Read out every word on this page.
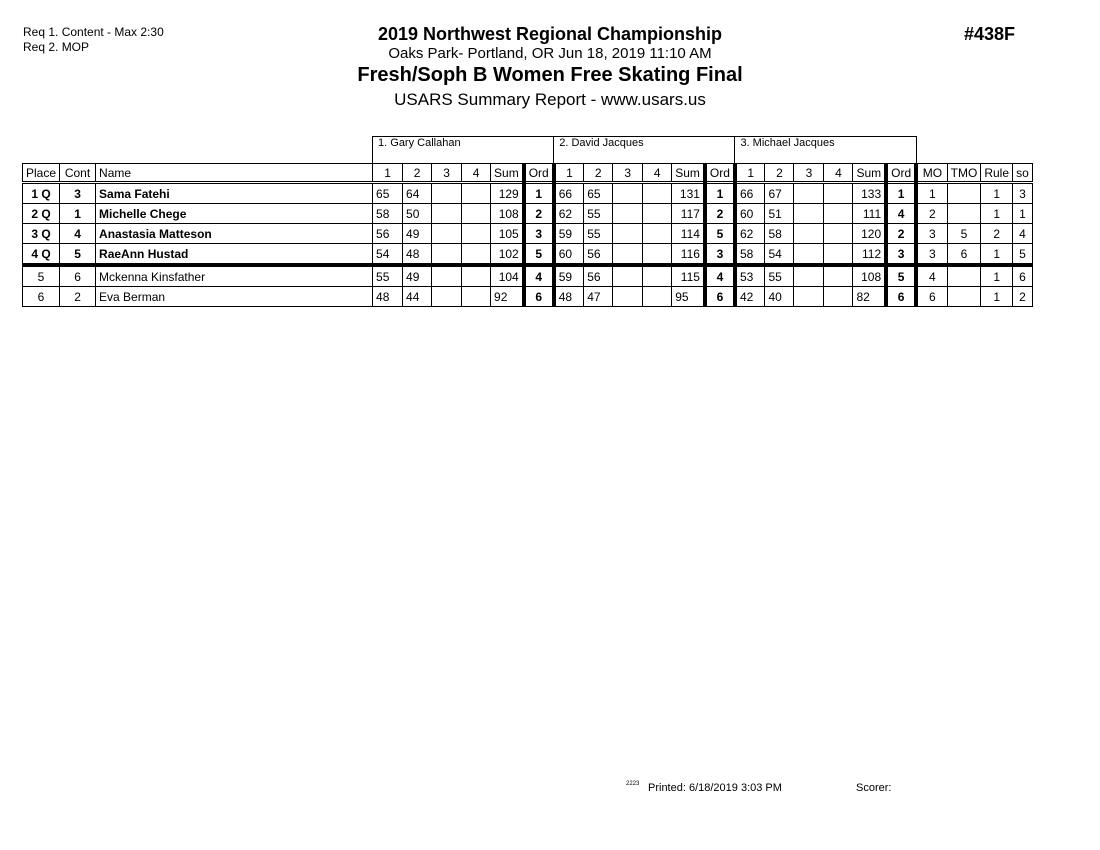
Req 1. Content - Max 2:30
Req 2. MOP
2019 Northwest Regional Championship
Oaks Park- Portland, OR Jun 18, 2019 11:10 AM
Fresh/Soph B Women Free Skating Final
USARS Summary Report - www.usars.us
#438F
			1. Gary Callahan						2. David Jacques						3. Michael Jacques									
Place	Cont	Name	1	2	3	4	Sum	Ord	1	2	3	4	Sum	Ord	1	2	3	4	Sum	Ord	MO	TMO	Rule	so
1 Q	3	Sama Fatehi	65	64			129	1	66	65			131	1	66	67			133	1	1		1	3
2 Q	1	Michelle Chege	58	50			108	2	62	55			117	2	60	51			111	4	2		1	1
3 Q	4	Anastasia Matteson	56	49			105	3	59	55			114	5	62	58			120	2	3	5	2	4
4 Q	5	RaeAnn Hustad	54	48			102	5	60	56			116	3	58	54			112	3	3	6	1	5
5	6	Mckenna Kinsfather	55	49			104	4	59	56			115	4	53	55			108	5	4		1	6
6	2	Eva Berman	48	44			92	6	48	47			95	6	42	40			82	6	6		1	2
2223 Printed: 6/18/2019 3:03 PM	Scorer:
